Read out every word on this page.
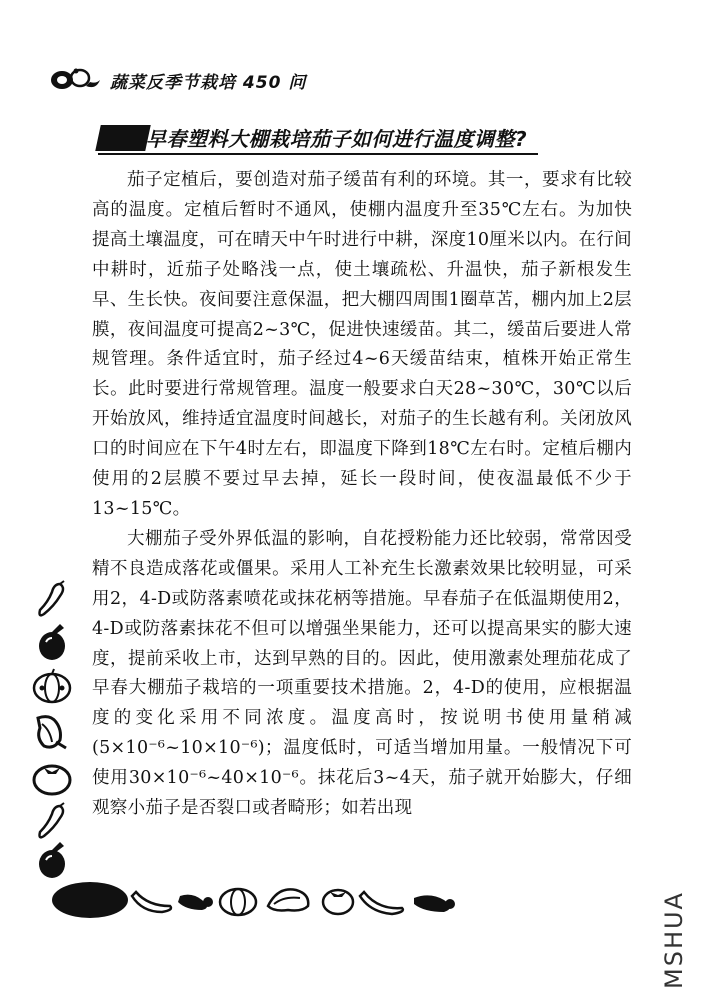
蔬菜反季节栽培 450 问
早春塑料大棚栽培茄子如何进行温度调整?

茄子定植后，要创造对茄子缓苗有利的环境。其一，要求有比较高的温度。定植后暂时不通风，使棚内温度升至35℃左右。为加快提高土壤温度，可在晴天中午时进行中耕，深度10厘米以内。在行间中耕时，近茄子处略浅一点，使土壤疏松、升温快，茄子新根发生早、生长快。夜间要注意保温，把大棚四周围1圈草苫，棚内加上2层膜，夜间温度可提高2~3℃，促进快速缓苗。其二，缓苗后要进人常规管理。条件适宜时，茄子经过4~6天缓苗结束，植株开始正常生长。此时要进行常规管理。温度一般要求白天28~30℃，30℃以后开始放风，维持适宜温度时间越长，对茄子的生长越有利。关闭放风口的时间应在下午4时左右，即温度下降到18℃左右时。定植后棚内使用的2层膜不要过早去掉，延长一段时间，使夜温最低不少于13~15℃。

大棚茄子受外界低温的影响，自花授粉能力还比较弱，常常因受精不良造成落花或僵果。采用人工补充生长激素效果比较明显，可采用2，4-D或防落素喷花或抹花柄等措施。早春茄子在低温期使用2，4-D或防落素抹花不但可以增强坐果能力，还可以提高果实的膨大速度，提前采收上市，达到早熟的目的。因此，使用激素处理茄花成了早春大棚茄子栽培的一项重要技术措施。2，4-D的使用，应根据温度的变化采用不同浓度。温度高时，按说明书使用量稍减(5×10⁻⁶~10×10⁻⁶)；温度低时，可适当增加用量。一般情况下可使用30×10⁻⁶~40×10⁻⁶。抹花后3~4天，茄子就开始膨大，仔细观察小茄子是否裂口或者畸形；如若出现

MSHUA
